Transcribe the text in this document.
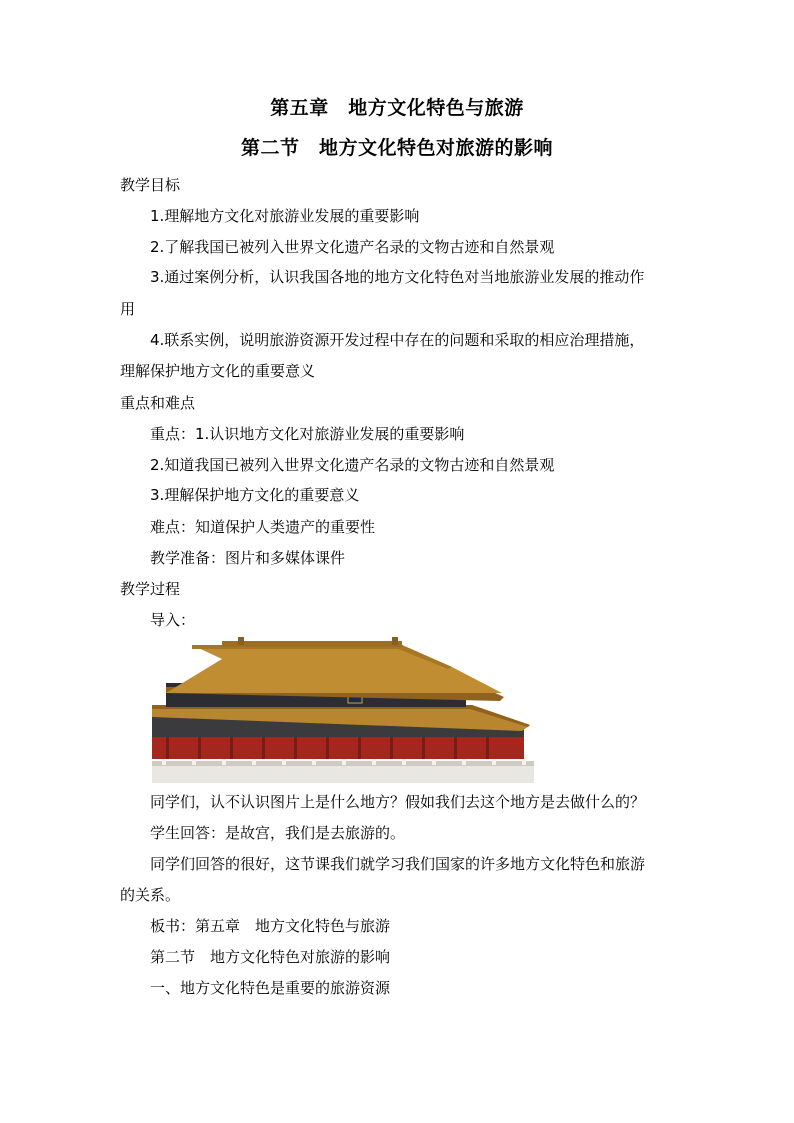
第五章　地方文化特色与旅游
第二节　地方文化特色对旅游的影响
教学目标
1.理解地方文化对旅游业发展的重要影响
2.了解我国已被列入世界文化遗产名录的文物古迹和自然景观
3.通过案例分析，认识我国各地的地方文化特色对当地旅游业发展的推动作
用
4.联系实例，说明旅游资源开发过程中存在的问题和采取的相应治理措施，
理解保护地方文化的重要意义
重点和难点
重点：1.认识地方文化对旅游业发展的重要影响
2.知道我国已被列入世界文化遗产名录的文物古迹和自然景观
3.理解保护地方文化的重要意义
难点：知道保护人类遗产的重要性
教学准备：图片和多媒体课件
教学过程
导入：
同学们，认不认识图片上是什么地方？假如我们去这个地方是去做什么的？
学生回答：是故宫，我们是去旅游的。
同学们回答的很好，这节课我们就学习我们国家的许多地方文化特色和旅游
的关系。
板书：第五章　地方文化特色与旅游
第二节　地方文化特色对旅游的影响
一、地方文化特色是重要的旅游资源
